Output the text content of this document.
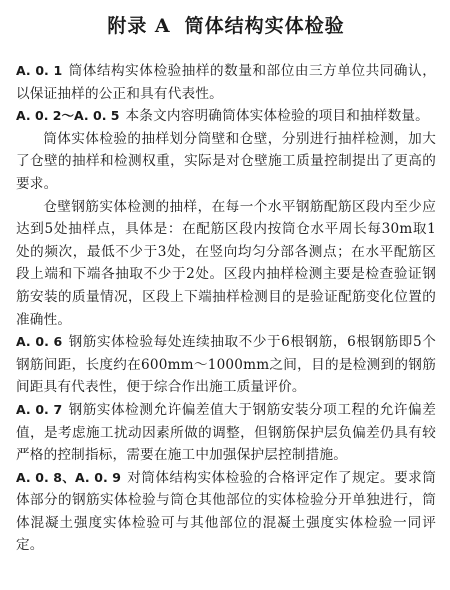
附录 A 筒体结构实体检验

A. 0. 1 筒体结构实体检验抽样的数量和部位由三方单位共同确认，以保证抽样的公正和具有代表性。

A. 0. 2～A. 0. 5 本条文内容明确筒体实体检验的项目和抽样数量。

筒体实体检验的抽样划分筒壁和仓壁，分别进行抽样检测，加大了仓壁的抽样和检测权重，实际是对仓壁施工质量控制提出了更高的要求。

仓壁钢筋实体检测的抽样，在每一个水平钢筋配筋区段内至少应达到5处抽样点，具体是：在配筋区段内按筒仓水平周长每30m取1处的频次，最低不少于3处，在竖向均匀分部各测点；在水平配筋区段上端和下端各抽取不少于2处。区段内抽样检测主要是检查验证钢筋安装的质量情况，区段上下端抽样检测目的是验证配筋变化位置的准确性。

A. 0. 6 钢筋实体检验每处连续抽取不少于6根钢筋，6根钢筋即5个钢筋间距，长度约在600mm～1000mm之间，目的是检测到的钢筋间距具有代表性，便于综合作出施工质量评价。

A. 0. 7 钢筋实体检测允许偏差值大于钢筋安装分项工程的允许偏差值，是考虑施工扰动因素所做的调整，但钢筋保护层负偏差仍具有较严格的控制指标，需要在施工中加强保护层控制措施。

A. 0. 8、A. 0. 9 对筒体结构实体检验的合格评定作了规定。要求筒体部分的钢筋实体检验与筒仓其他部位的实体检验分开单独进行，筒体混凝土强度实体检验可与其他部位的混凝土强度实体检验一同评定。
